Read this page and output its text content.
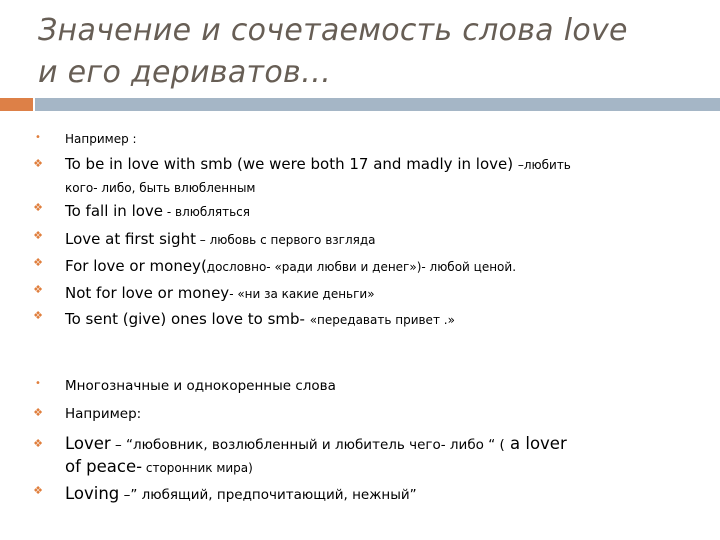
Значение и сочетаемость слова love
и его дериватов…
•	Например :
❖ To be in love with smb (we were both 17 and madly in love) –любить
кого- либо, быть влюбленным
❖ To fall in love - влюбляться
❖ Love at first sight – любовь с первого взгляда
❖ For love or money(дословно- «ради любви и денег»)- любой ценой.
❖ Not for love or money- «ни за какие деньги»
❖ To sent (give) ones love to smb- «передавать привет .»
• Многозначные и однокоренные слова
❖ Например:
❖ Lover – “любовник, возлюбленный и любитель чего- либо “ ( a lover
of peace- сторонник мира)
❖ Loving –” любящий, предпочитающий, нежный”
